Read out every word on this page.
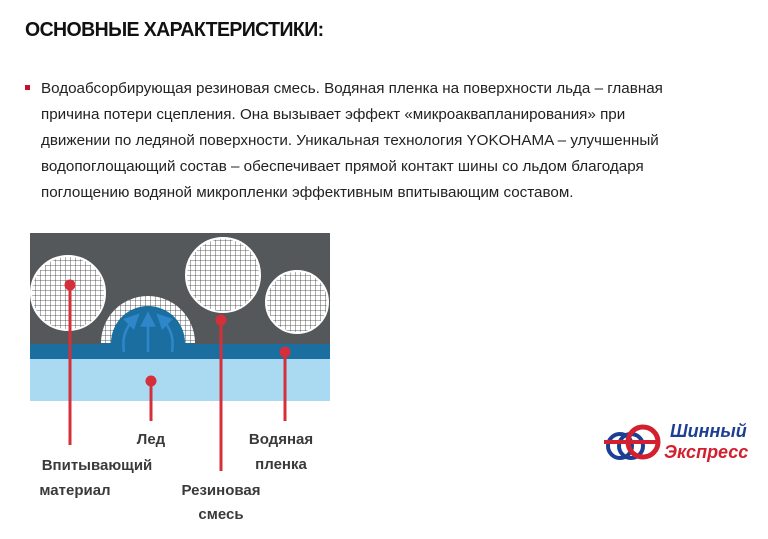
ОСНОВНЫЕ ХАРАКТЕРИСТИКИ:
Водоабсорбирующая резиновая смесь. Водяная пленка на поверхности льда – главная
причина потери сцепления. Она вызывает эффект «микроаквапланирования» при
движении по ледяной поверхности. Уникальная технология YOKOHAMA – улучшенный
водопоглощающий состав – обеспечивает прямой контакт шины со льдом благодаря
поглощению водяной микропленки эффективным впитывающим составом.
Лед	Водяная
пленка
Впитывающий
материал	Резиновая
смесь
Шинный
Экспресс
